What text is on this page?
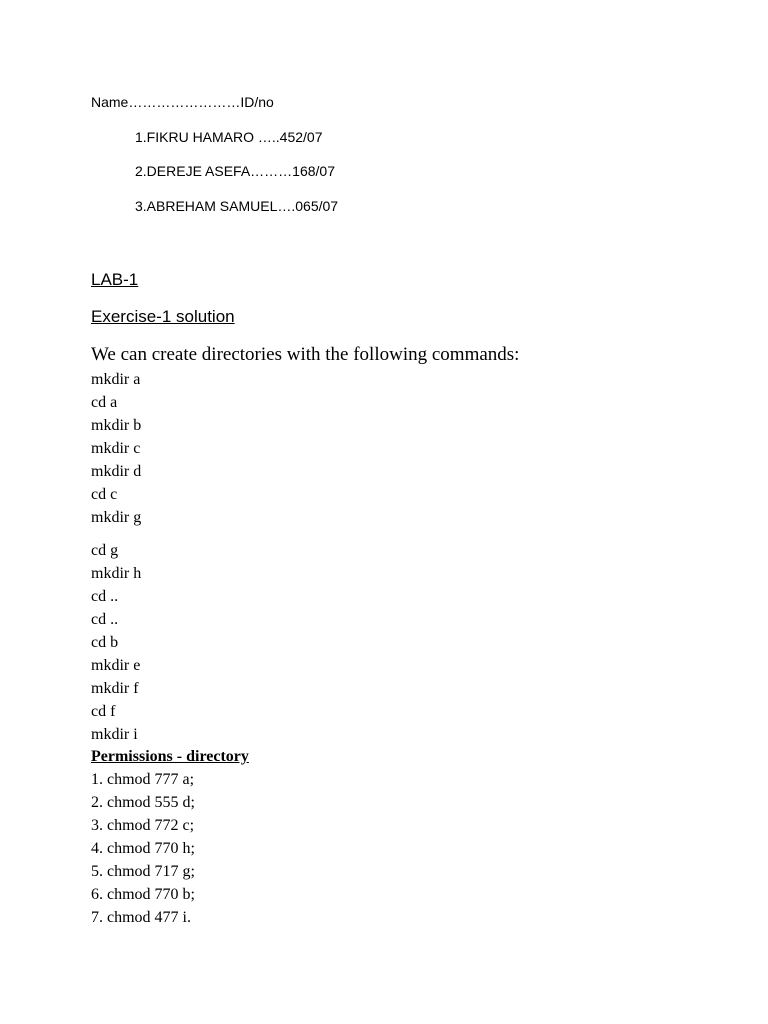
Name……………………ID/no
1.FIKRU HAMARO …..452/07
2.DEREJE ASEFA………168/07
3.ABREHAM SAMUEL….065/07
LAB-1
Exercise-1 solution
We can create directories with the following commands:
mkdir a
cd a
mkdir b
mkdir c
mkdir d
cd c
mkdir g
cd g
mkdir h
cd ..
cd ..
cd b
mkdir e
mkdir f
cd f
mkdir i
Permissions - directory
1. chmod 777 a;
2. chmod 555 d;
3. chmod 772 c;
4. chmod 770 h;
5. chmod 717 g;
6. chmod 770 b;
7. chmod 477 i.
